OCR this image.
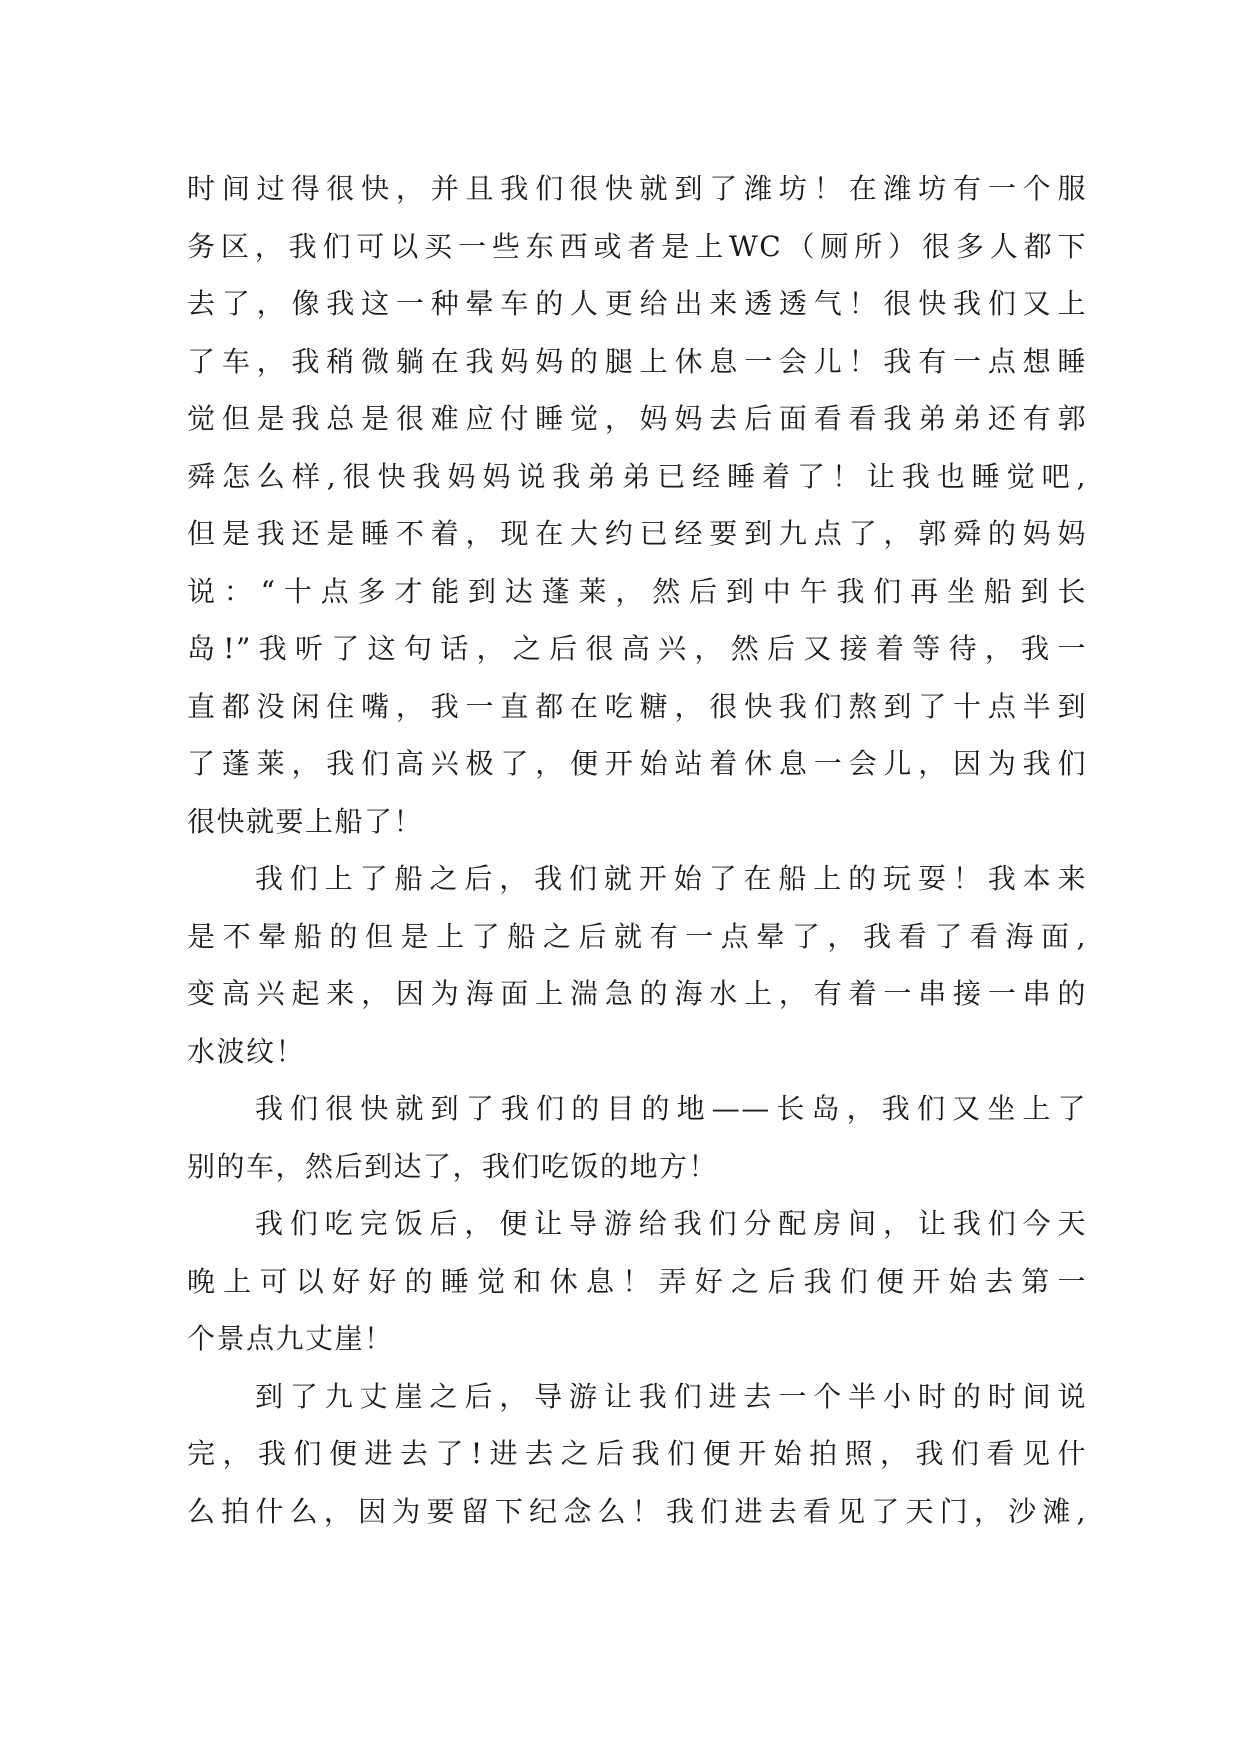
时间过得很快，并且我们很快就到了潍坊！在潍坊有一个服
务区，我们可以买一些东西或者是上WC（厕所）很多人都下
去了，像我这一种晕车的人更给出来透透气！很快我们又上
了车，我稍微躺在我妈妈的腿上休息一会儿！我有一点想睡
觉但是我总是很难应付睡觉，妈妈去后面看看我弟弟还有郭
舜怎么样,很快我妈妈说我弟弟已经睡着了！让我也睡觉吧,
但是我还是睡不着，现在大约已经要到九点了，郭舜的妈妈
说：“十点多才能到达蓬莱，然后到中午我们再坐船到长
岛!”我听了这句话，之后很高兴，然后又接着等待，我一
直都没闲住嘴，我一直都在吃糖，很快我们熬到了十点半到
了蓬莱，我们高兴极了，便开始站着休息一会儿，因为我们
很快就要上船了！
我们上了船之后，我们就开始了在船上的玩耍！我本来
是不晕船的但是上了船之后就有一点晕了，我看了看海面,
变高兴起来，因为海面上湍急的海水上，有着一串接一串的
水波纹！
我们很快就到了我们的目的地——长岛，我们又坐上了
别的车，然后到达了，我们吃饭的地方！
我们吃完饭后，便让导游给我们分配房间，让我们今天
晚上可以好好的睡觉和休息！弄好之后我们便开始去第一
个景点九丈崖！
到了九丈崖之后，导游让我们进去一个半小时的时间说
完，我们便进去了!进去之后我们便开始拍照，我们看见什
么拍什么，因为要留下纪念么！我们进去看见了天门，沙滩,
